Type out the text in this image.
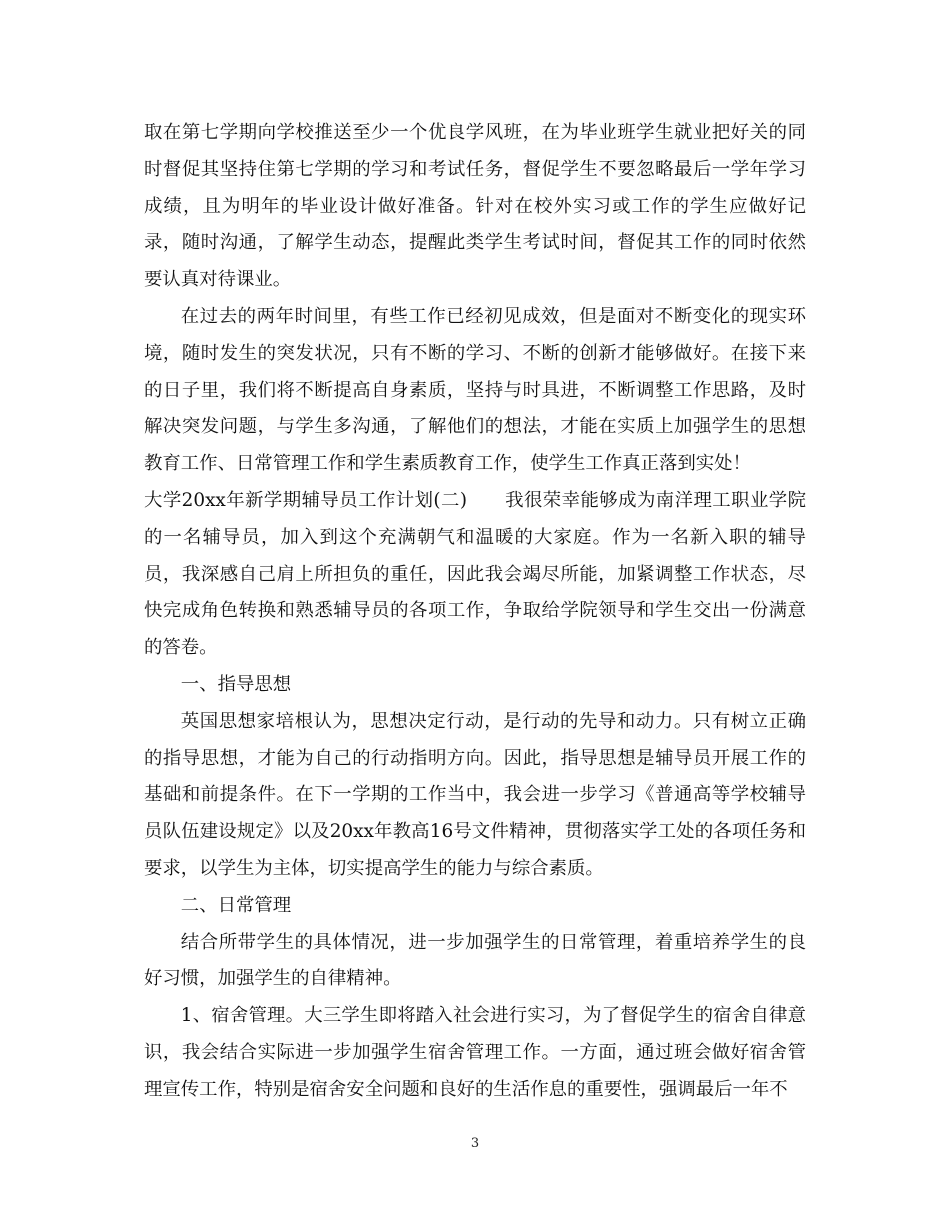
取在第七学期向学校推送至少一个优良学风班，在为毕业班学生就业把好关的同时督促其坚持住第七学期的学习和考试任务，督促学生不要忽略最后一学年学习成绩，且为明年的毕业设计做好准备。针对在校外实习或工作的学生应做好记录，随时沟通，了解学生动态，提醒此类学生考试时间，督促其工作的同时依然要认真对待课业。

在过去的两年时间里，有些工作已经初见成效，但是面对不断变化的现实环境，随时发生的突发状况，只有不断的学习、不断的创新才能够做好。在接下来的日子里，我们将不断提高自身素质，坚持与时具进，不断调整工作思路，及时解决突发问题，与学生多沟通，了解他们的想法，才能在实质上加强学生的思想教育工作、日常管理工作和学生素质教育工作，使学生工作真正落到实处！

大学20xx年新学期辅导员工作计划(二)　　我很荣幸能够成为南洋理工职业学院的一名辅导员，加入到这个充满朝气和温暖的大家庭。作为一名新入职的辅导员，我深感自己肩上所担负的重任，因此我会竭尽所能，加紧调整工作状态，尽快完成角色转换和熟悉辅导员的各项工作，争取给学院领导和学生交出一份满意的答卷。

一、指导思想

英国思想家培根认为，思想决定行动，是行动的先导和动力。只有树立正确的指导思想，才能为自己的行动指明方向。因此，指导思想是辅导员开展工作的基础和前提条件。在下一学期的工作当中，我会进一步学习《普通高等学校辅导员队伍建设规定》以及20xx年教高16号文件精神，贯彻落实学工处的各项任务和要求，以学生为主体，切实提高学生的能力与综合素质。

二、日常管理

结合所带学生的具体情况，进一步加强学生的日常管理，着重培养学生的良好习惯，加强学生的自律精神。

1、宿舍管理。大三学生即将踏入社会进行实习，为了督促学生的宿舍自律意识，我会结合实际进一步加强学生宿舍管理工作。一方面，通过班会做好宿舍管理宣传工作，特别是宿舍安全问题和良好的生活作息的重要性，强调最后一年不

3
